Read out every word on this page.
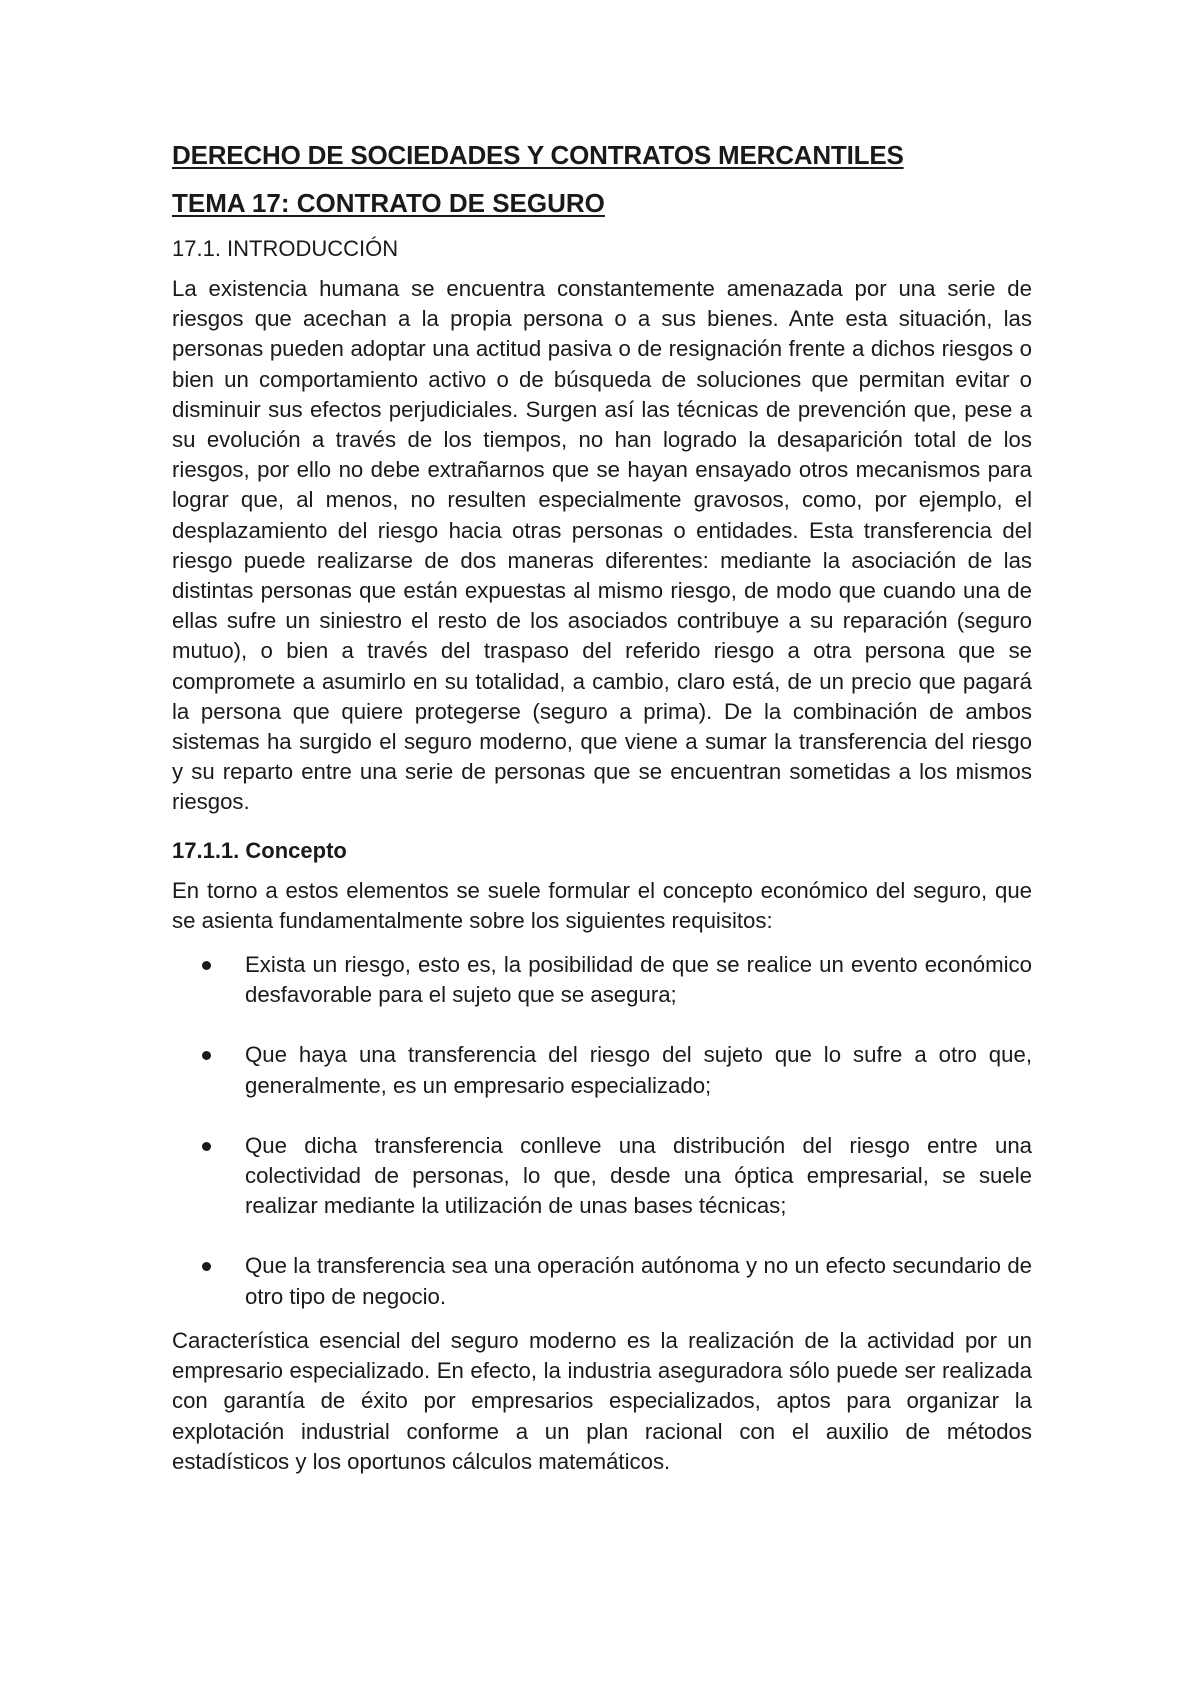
DERECHO DE SOCIEDADES Y CONTRATOS MERCANTILES
TEMA 17: CONTRATO DE SEGURO
17.1. INTRODUCCIÓN

La existencia humana se encuentra constantemente amenazada por una serie de riesgos que acechan a la propia persona o a sus bienes. Ante esta situación, las personas pueden adoptar una actitud pasiva o de resignación frente a dichos riesgos o bien un comportamiento activo o de búsqueda de soluciones que permitan evitar o disminuir sus efectos perjudiciales. Surgen así las técnicas de prevención que, pese a su evolución a través de los tiempos, no han logrado la desaparición total de los riesgos, por ello no debe extrañarnos que se hayan ensayado otros mecanismos para lograr que, al menos, no resulten especialmente gravosos, como, por ejemplo, el desplazamiento del riesgo hacia otras personas o entidades. Esta transferencia del riesgo puede realizarse de dos maneras diferentes: mediante la asociación de las distintas personas que están expuestas al mismo riesgo, de modo que cuando una de ellas sufre un siniestro el resto de los asociados contribuye a su reparación (seguro mutuo), o bien a través del traspaso del referido riesgo a otra persona que se compromete a asumirlo en su totalidad, a cambio, claro está, de un precio que pagará la persona que quiere protegerse (seguro a prima). De la combinación de ambos sistemas ha surgido el seguro moderno, que viene a sumar la transferencia del riesgo y su reparto entre una serie de personas que se encuentran sometidas a los mismos riesgos.

17.1.1. Concepto

En torno a estos elementos se suele formular el concepto económico del seguro, que se asienta fundamentalmente sobre los siguientes requisitos:

Exista un riesgo, esto es, la posibilidad de que se realice un evento económico desfavorable para el sujeto que se asegura;
Que haya una transferencia del riesgo del sujeto que lo sufre a otro que, generalmente, es un empresario especializado;
Que dicha transferencia conlleve una distribución del riesgo entre una colectividad de personas, lo que, desde una óptica empresarial, se suele realizar mediante la utilización de unas bases técnicas;
Que la transferencia sea una operación autónoma y no un efecto secundario de otro tipo de negocio.

Característica esencial del seguro moderno es la realización de la actividad por un empresario especializado. En efecto, la industria aseguradora sólo puede ser realizada con garantía de éxito por empresarios especializados, aptos para organizar la explotación industrial conforme a un plan racional con el auxilio de métodos estadísticos y los oportunos cálculos matemáticos.
